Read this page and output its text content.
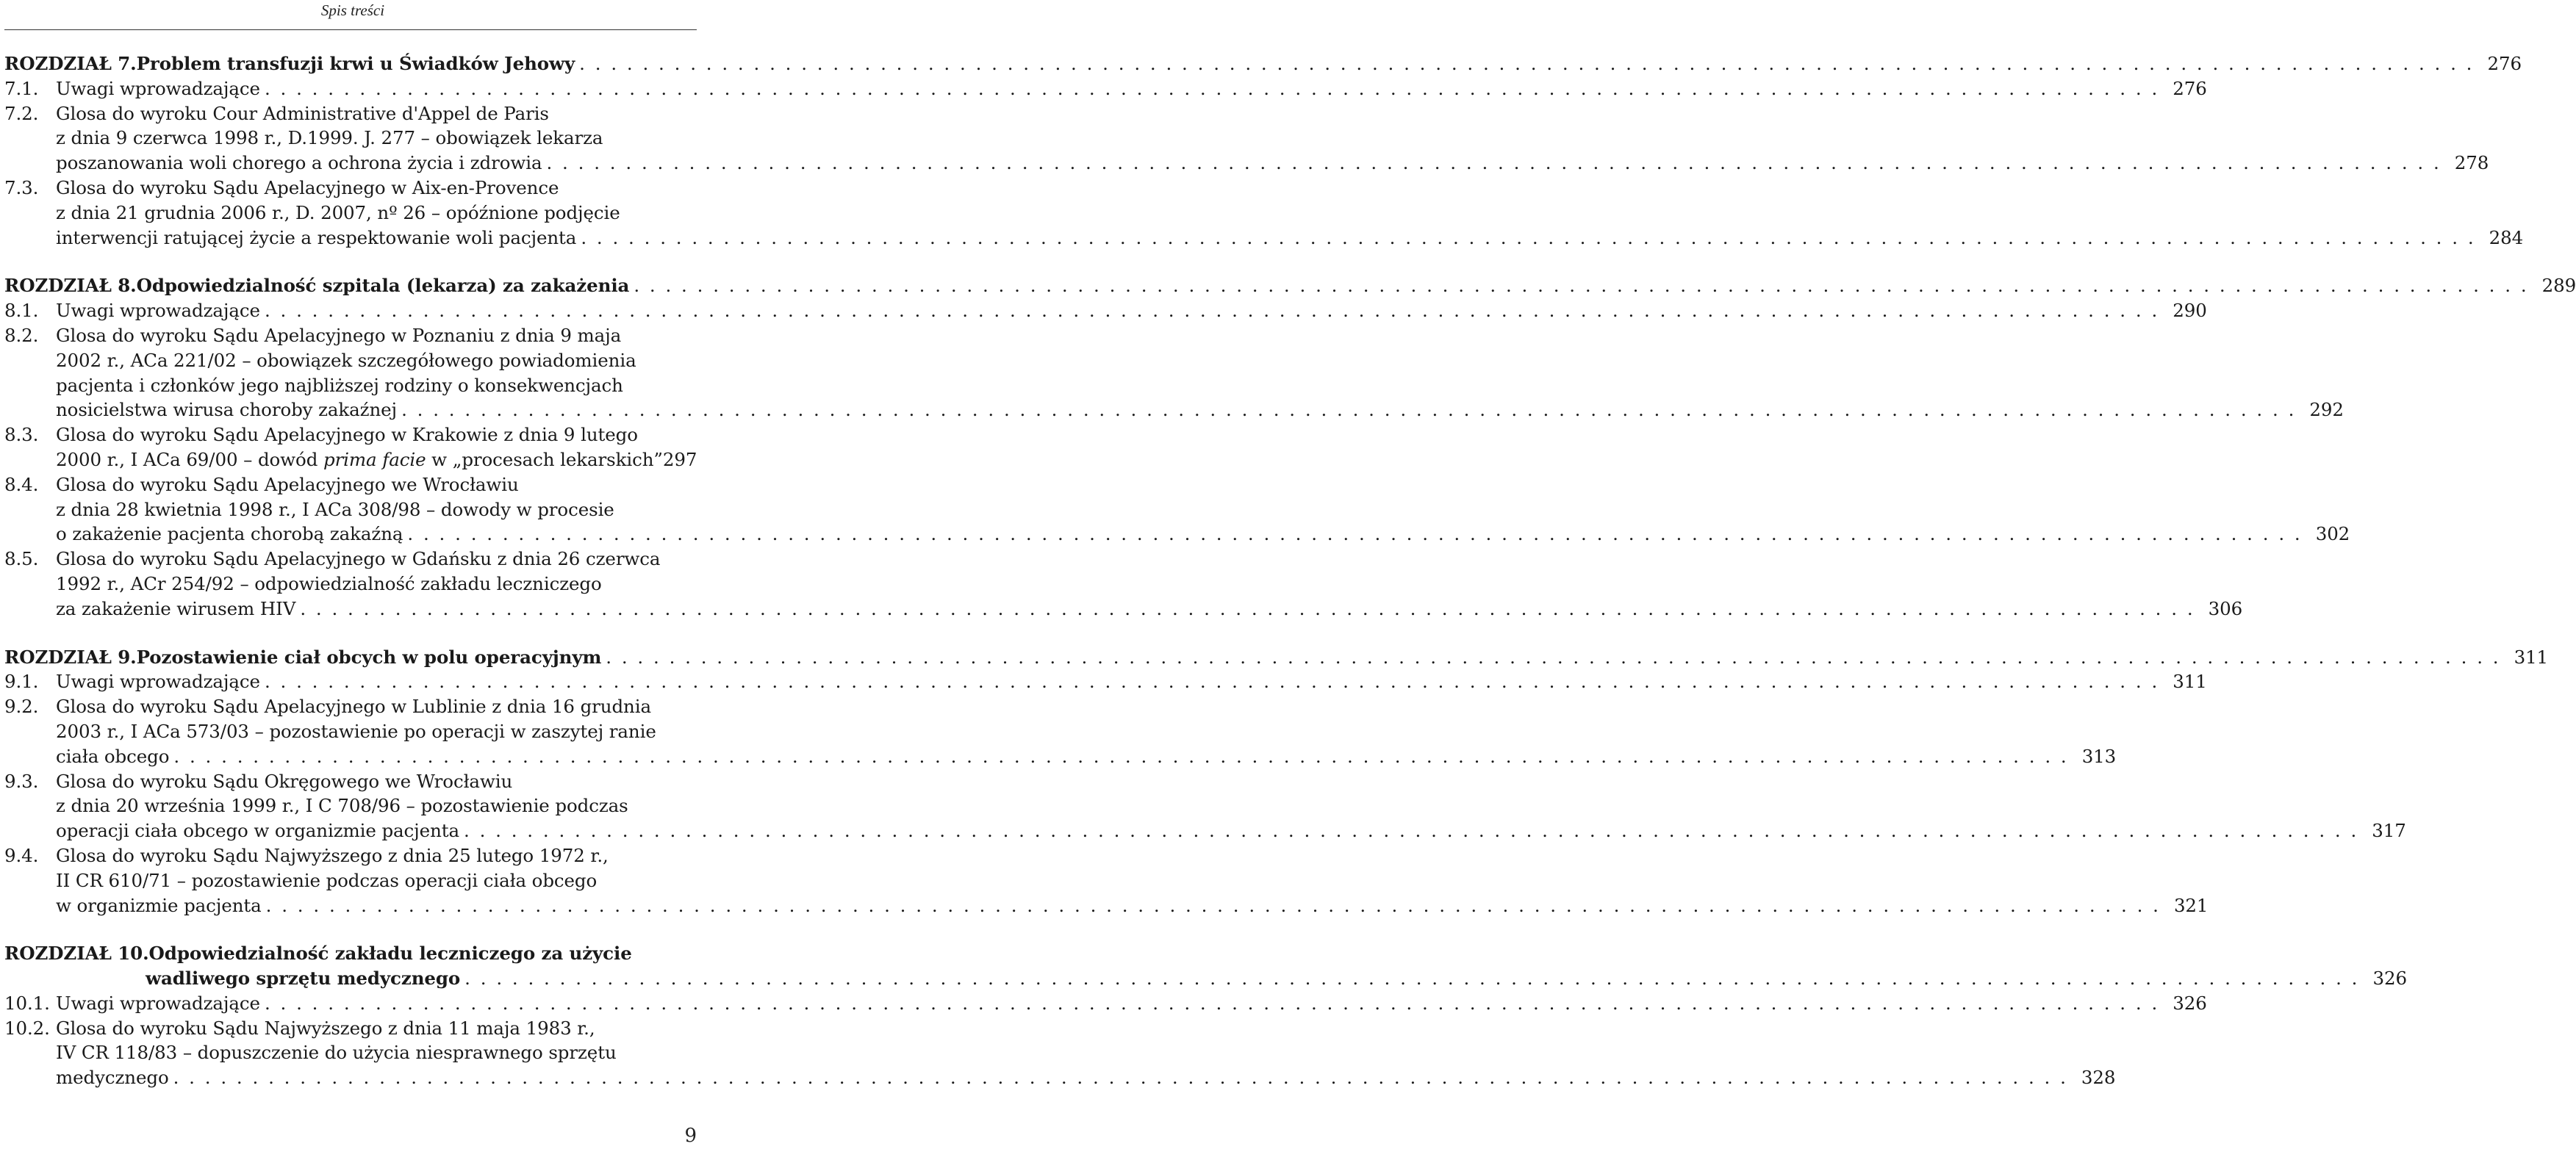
Spis treści
ROZDZIAŁ 7. Problem transfuzji krwi u Świadków Jehowy . . . . . . . . . . . . . . . . . . . . . . . . . . . . . . . . . . . . . . . . . . . . . . . . . . . . . . . . . . . . . . . . . . . . . . . . . . . . . . . . . . . . . . . . . . . . . . . . . . . . . . . . . . . . . . . . . . . . . . . . 276
7.1. Uwagi wprowadzające . . . . . . . . . . . . . . . . . . . . . . . . . . . . . . . . . . . . . . . . . . . . . . . . . . . . . . . . . . . . . . . . . . . . . . . . . . . . . . . . . . . . . . . . . . . . . . . . . . . . . . . . . . . . . . . . . . . . . . . . 276
7.2. Glosa do wyroku Cour Administrative d'Appel de Paris
z dnia 9 czerwca 1998 r., D.1999. J. 277 – obowiązek lekarza
poszanowania woli chorego a ochrona życia i zdrowia . . . . . . . . . . . . . . . . . . . . . . . . . . . . . . . . . . . . . . . . . . . . . . . . . . . . . . . . . . . . . . . . . . . . . . . . . . . . . . . . . . . . . . . . . . . . . . . . . . . . . . . . . . . . . . . . . . . . . . . . 278
7.3. Glosa do wyroku Sądu Apelacyjnego w Aix-en-Provence
z dnia 21 grudnia 2006 r., D. 2007, nº 26 – opóźnione podjęcie
interwencji ratującej życie a respektowanie woli pacjenta . . . . . . . . . . . . . . . . . . . . . . . . . . . . . . . . . . . . . . . . . . . . . . . . . . . . . . . . . . . . . . . . . . . . . . . . . . . . . . . . . . . . . . . . . . . . . . . . . . . . . . . . . . . . . . . . . . . . . . . . 284
ROZDZIAŁ 8. Odpowiedzialność szpitala (lekarza) za zakażenia . . . . . . . . . . . . . . . . . . . . . . . . . . . . . . . . . . . . . . . . . . . . . . . . . . . . . . . . . . . . . . . . . . . . . . . . . . . . . . . . . . . . . . . . . . . . . . . . . . . . . . . . . . . . . . . . . . . . . . . . 289
8.1. Uwagi wprowadzające . . . . . . . . . . . . . . . . . . . . . . . . . . . . . . . . . . . . . . . . . . . . . . . . . . . . . . . . . . . . . . . . . . . . . . . . . . . . . . . . . . . . . . . . . . . . . . . . . . . . . . . . . . . . . . . . . . . . . . . . 290
8.2. Glosa do wyroku Sądu Apelacyjnego w Poznaniu z dnia 9 maja
2002 r., ACa 221/02 – obowiązek szczegółowego powiadomienia
pacjenta i członków jego najbliższej rodziny o konsekwencjach
nosicielstwa wirusa choroby zakaźnej . . . . . . . . . . . . . . . . . . . . . . . . . . . . . . . . . . . . . . . . . . . . . . . . . . . . . . . . . . . . . . . . . . . . . . . . . . . . . . . . . . . . . . . . . . . . . . . . . . . . . . . . . . . . . . . . . . . . . . . . 292
8.3. Glosa do wyroku Sądu Apelacyjnego w Krakowie z dnia 9 lutego
2000 r., I ACa 69/00 – dowód prima facie w „procesach lekarskich” 297
8.4. Glosa do wyroku Sądu Apelacyjnego we Wrocławiu
z dnia 28 kwietnia 1998 r., I ACa 308/98 – dowody w procesie
o zakażenie pacjenta chorobą zakaźną . . . . . . . . . . . . . . . . . . . . . . . . . . . . . . . . . . . . . . . . . . . . . . . . . . . . . . . . . . . . . . . . . . . . . . . . . . . . . . . . . . . . . . . . . . . . . . . . . . . . . . . . . . . . . . . . . . . . . . . . 302
8.5. Glosa do wyroku Sądu Apelacyjnego w Gdańsku z dnia 26 czerwca
1992 r., ACr 254/92 – odpowiedzialność zakładu leczniczego
za zakażenie wirusem HIV . . . . . . . . . . . . . . . . . . . . . . . . . . . . . . . . . . . . . . . . . . . . . . . . . . . . . . . . . . . . . . . . . . . . . . . . . . . . . . . . . . . . . . . . . . . . . . . . . . . . . . . . . . . . . . . . . . . . . . . . 306
ROZDZIAŁ 9. Pozostawienie ciał obcych w polu operacyjnym . . . . . . . . . . . . . . . . . . . . . . . . . . . . . . . . . . . . . . . . . . . . . . . . . . . . . . . . . . . . . . . . . . . . . . . . . . . . . . . . . . . . . . . . . . . . . . . . . . . . . . . . . . . . . . . . . . . . . . . . 311
9.1. Uwagi wprowadzające . . . . . . . . . . . . . . . . . . . . . . . . . . . . . . . . . . . . . . . . . . . . . . . . . . . . . . . . . . . . . . . . . . . . . . . . . . . . . . . . . . . . . . . . . . . . . . . . . . . . . . . . . . . . . . . . . . . . . . . . 311
9.2. Glosa do wyroku Sądu Apelacyjnego w Lublinie z dnia 16 grudnia
2003 r., I ACa 573/03 – pozostawienie po operacji w zaszytej ranie
ciała obcego . . . . . . . . . . . . . . . . . . . . . . . . . . . . . . . . . . . . . . . . . . . . . . . . . . . . . . . . . . . . . . . . . . . . . . . . . . . . . . . . . . . . . . . . . . . . . . . . . . . . . . . . . . . . . . . . . . . . . . . . 313
9.3. Glosa do wyroku Sądu Okręgowego we Wrocławiu
z dnia 20 września 1999 r., I C 708/96 – pozostawienie podczas
operacji ciała obcego w organizmie pacjenta . . . . . . . . . . . . . . . . . . . . . . . . . . . . . . . . . . . . . . . . . . . . . . . . . . . . . . . . . . . . . . . . . . . . . . . . . . . . . . . . . . . . . . . . . . . . . . . . . . . . . . . . . . . . . . . . . . . . . . . . 317
9.4. Glosa do wyroku Sądu Najwyższego z dnia 25 lutego 1972 r.,
II CR 610/71 – pozostawienie podczas operacji ciała obcego
w organizmie pacjenta . . . . . . . . . . . . . . . . . . . . . . . . . . . . . . . . . . . . . . . . . . . . . . . . . . . . . . . . . . . . . . . . . . . . . . . . . . . . . . . . . . . . . . . . . . . . . . . . . . . . . . . . . . . . . . . . . . . . . . . . 321
ROZDZIAŁ 10. Odpowiedzialność zakładu leczniczego za użycie
wadliwego sprzętu medycznego . . . . . . . . . . . . . . . . . . . . . . . . . . . . . . . . . . . . . . . . . . . . . . . . . . . . . . . . . . . . . . . . . . . . . . . . . . . . . . . . . . . . . . . . . . . . . . . . . . . . . . . . . . . . . . . . . . . . . . . . 326
10.1. Uwagi wprowadzające . . . . . . . . . . . . . . . . . . . . . . . . . . . . . . . . . . . . . . . . . . . . . . . . . . . . . . . . . . . . . . . . . . . . . . . . . . . . . . . . . . . . . . . . . . . . . . . . . . . . . . . . . . . . . . . . . . . . . . . . 326
10.2. Glosa do wyroku Sądu Najwyższego z dnia 11 maja 1983 r.,
IV CR 118/83 – dopuszczenie do użycia niesprawnego sprzętu
medycznego . . . . . . . . . . . . . . . . . . . . . . . . . . . . . . . . . . . . . . . . . . . . . . . . . . . . . . . . . . . . . . . . . . . . . . . . . . . . . . . . . . . . . . . . . . . . . . . . . . . . . . . . . . . . . . . . . . . . . . . . 328
9
